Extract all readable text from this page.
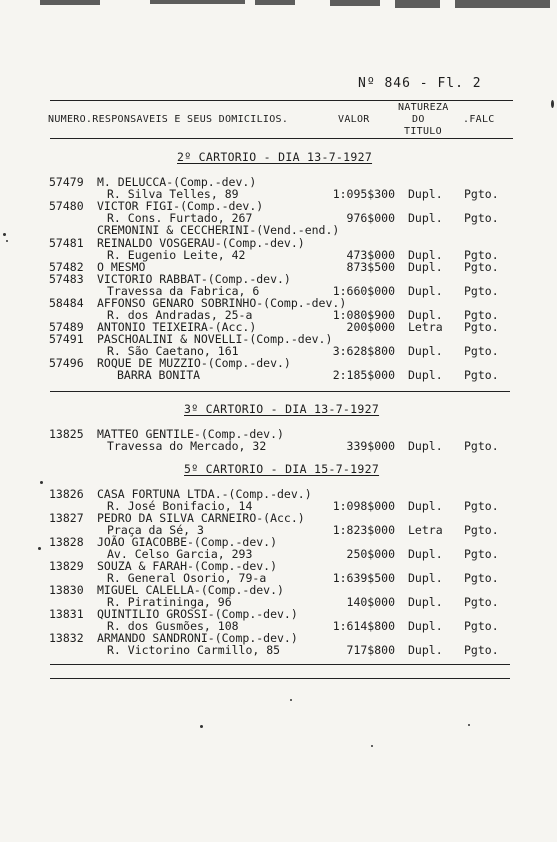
Nº 846 - Fl. 2
NUMERO.RESPONSAVEIS E SEUS DOMICILIOS.	VALOR
NATUREZA
DO
TITULO
.FALC
2º CARTORIO - DIA 13-7-1927
57479 M. DELUCCA-(Comp.-dev.)
R. Silva Telles, 89	1:095$300 Dupl. Pgto.
57480 VICTOR FIGI-(Comp.-dev.)
R. Cons. Furtado, 267	976$000 Dupl. Pgto.
CREMONINI & CECCHERINI-(Vend.-end.)
57481 REINALDO VOSGERAU-(Comp.-dev.)
R. Eugenio Leite, 42	473$000 Dupl. Pgto.
57482 O MESMO	873$500 Dupl. Pgto.
57483 VICTORIO RABBAT-(Comp.-dev.)
Travessa da Fabrica, 6	1:660$000 Dupl. Pgto.
58484 AFFONSO GENARO SOBRINHO-(Comp.-dev.)
R. dos Andradas, 25-a	1:080$900 Dupl. Pgto.
57489 ANTONIO TEIXEIRA-(Acc.)	200$000 Letra Pgto.
57491 PASCHOALINI & NOVELLI-(Comp.-dev.)
R. São Caetano, 161	3:628$800 Dupl. Pgto.
57496 ROQUE DE MUZZIO-(Comp.-dev.)
BARRA BONITA	2:185$000 Dupl. Pgto.
3º CARTORIO - DIA 13-7-1927
13825 MATTEO GENTILE-(Comp.-dev.)
Travessa do Mercado, 32	339$000 Dupl. Pgto.
5º CARTORIO - DIA 15-7-1927
13826 CASA FORTUNA LTDA.-(Comp.-dev.)
R. José Bonifacio, 14	1:098$000 Dupl. Pgto.
13827 PEDRO DA SILVA CARNEIRO-(Acc.)
Praça da Sé, 3	1:823$000 Letra Pgto.
13828 JOÃO GIACOBBE-(Comp.-dev.)
Av. Celso Garcia, 293	250$000 Dupl. Pgto.
13829 SOUZA & FARAH-(Comp.-dev.)
R. General Osorio, 79-a	1:639$500 Dupl. Pgto.
13830 MIGUEL CALELLA-(Comp.-dev.)
R. Piratininga, 96	140$000 Dupl. Pgto.
13831 QUINTILIO GROSSI-(Comp.-dev.)
R. dos Gusmões, 108	1:614$800 Dupl. Pgto.
13832 ARMANDO SANDRONI-(Comp.-dev.)
R. Victorino Carmillo, 85	717$800 Dupl. Pgto.
